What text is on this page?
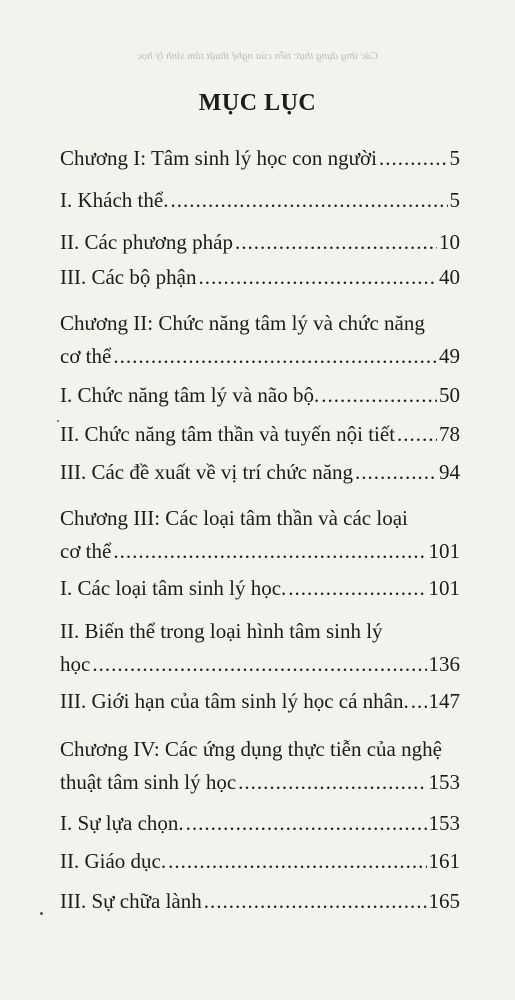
Các ứng dụng thực tiễn của nghệ thuật tâm sinh lý học
MỤC LỤC
Chương I: Tâm sinh lý học con người .....	5
I. Khách thể. .....	5
II. Các phương pháp .....	10
III. Các bộ phận .....	40
Chương II: Chức năng tâm lý và chức năng
cơ thể .....	49
I. Chức năng tâm lý và não bộ. .....	50
II. Chức năng tâm thần và tuyến nội tiết ..... 78
III. Các đề xuất về vị trí chức năng .....	94
Chương III: Các loại tâm thần và các loại
cơ thể .....	101
I. Các loại tâm sinh lý học. .....	101
II. Biến thể trong loại hình tâm sinh lý
học .....	136
III. Giới hạn của tâm sinh lý học cá nhân. ..... 147
Chương IV: Các ứng dụng thực tiễn của nghệ
thuật tâm sinh lý học .....	153
I. Sự lựa chọn. .....	153
II. Giáo dục. .....	161
III. Sự chữa lành .....	165
